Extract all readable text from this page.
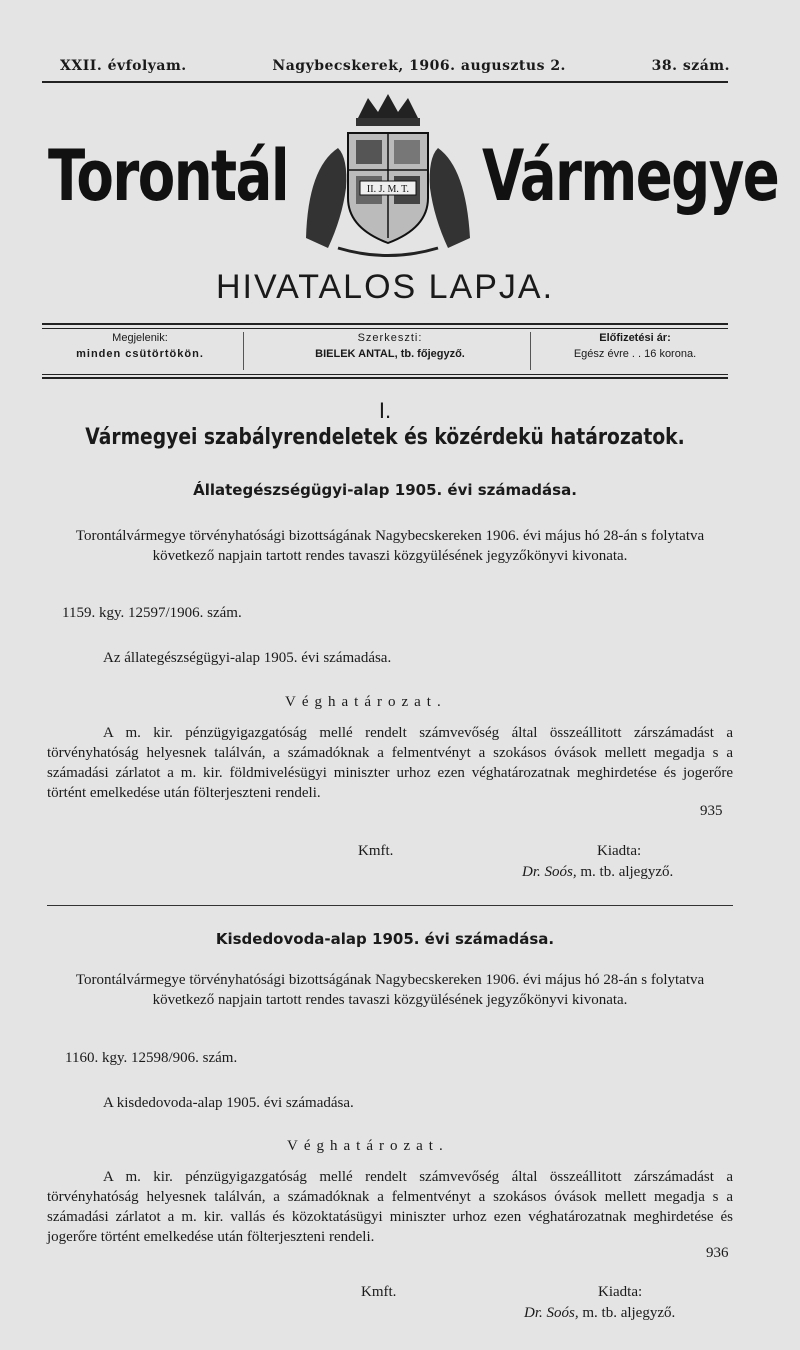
XXII. évfolyam.	Nagybecskerek, 1906. augusztus 2.	38. szám.
Torontál	II. J. M. T. Vármegye
HIVATALOS LAPJA.
Megjelenik:
minden csütörtökön.
Szerkeszti:
BIELEK ANTAL, tb. főjegyző.
Előfizetési ár:
Egész évre . . 16 korona.
I.
Vármegyei szabályrendeletek és közérdekü határozatok.
Állategészségügyi-alap 1905. évi számadása.
Torontálvármegye törvényhatósági bizottságának Nagybecskereken 1906. évi május hó 28-án s folytatva következő napjain tartott rendes tavaszi közgyülésének jegyzőkönyvi kivonata.
1159. kgy. 12597/1906. szám.
Az állategészségügyi-alap 1905. évi számadása.
Véghatározat.
A m. kir. pénzügyigazgatóság mellé rendelt számvevőség által összeállitott zárszámadást a törvényhatóság helyesnek találván, a számadóknak a felmentvényt a szokásos óvások mellett megadja s a számadási zárlatot a m. kir. földmivelésügyi miniszter urhoz ezen véghatározatnak meghirdetése és jogerőre történt emelkedése után fölterjeszteni rendeli.
935
Kmft.	Kiadta:
Dr. Soós, m. tb. aljegyző.
Kisdedovoda-alap 1905. évi számadása.
Torontálvármegye törvényhatósági bizottságának Nagybecskereken 1906. évi május hó 28-án s folytatva következő napjain tartott rendes tavaszi közgyülésének jegyzőkönyvi kivonata.
1160. kgy. 12598/906. szám.
A kisdedovoda-alap 1905. évi számadása.
Véghatározat.
A m. kir. pénzügyigazgatóság mellé rendelt számvevőség által összeállitott zárszámadást a törvényhatóság helyesnek találván, a számadóknak a felmentvényt a szokásos óvások mellett megadja s a számadási zárlatot a m. kir. vallás és közoktatásügyi miniszter urhoz ezen véghatározatnak meghirdetése és jogerőre történt emelkedése után fölterjeszteni rendeli.
936
Kmft.	Kiadta:
Dr. Soós, m. tb. aljegyző.
